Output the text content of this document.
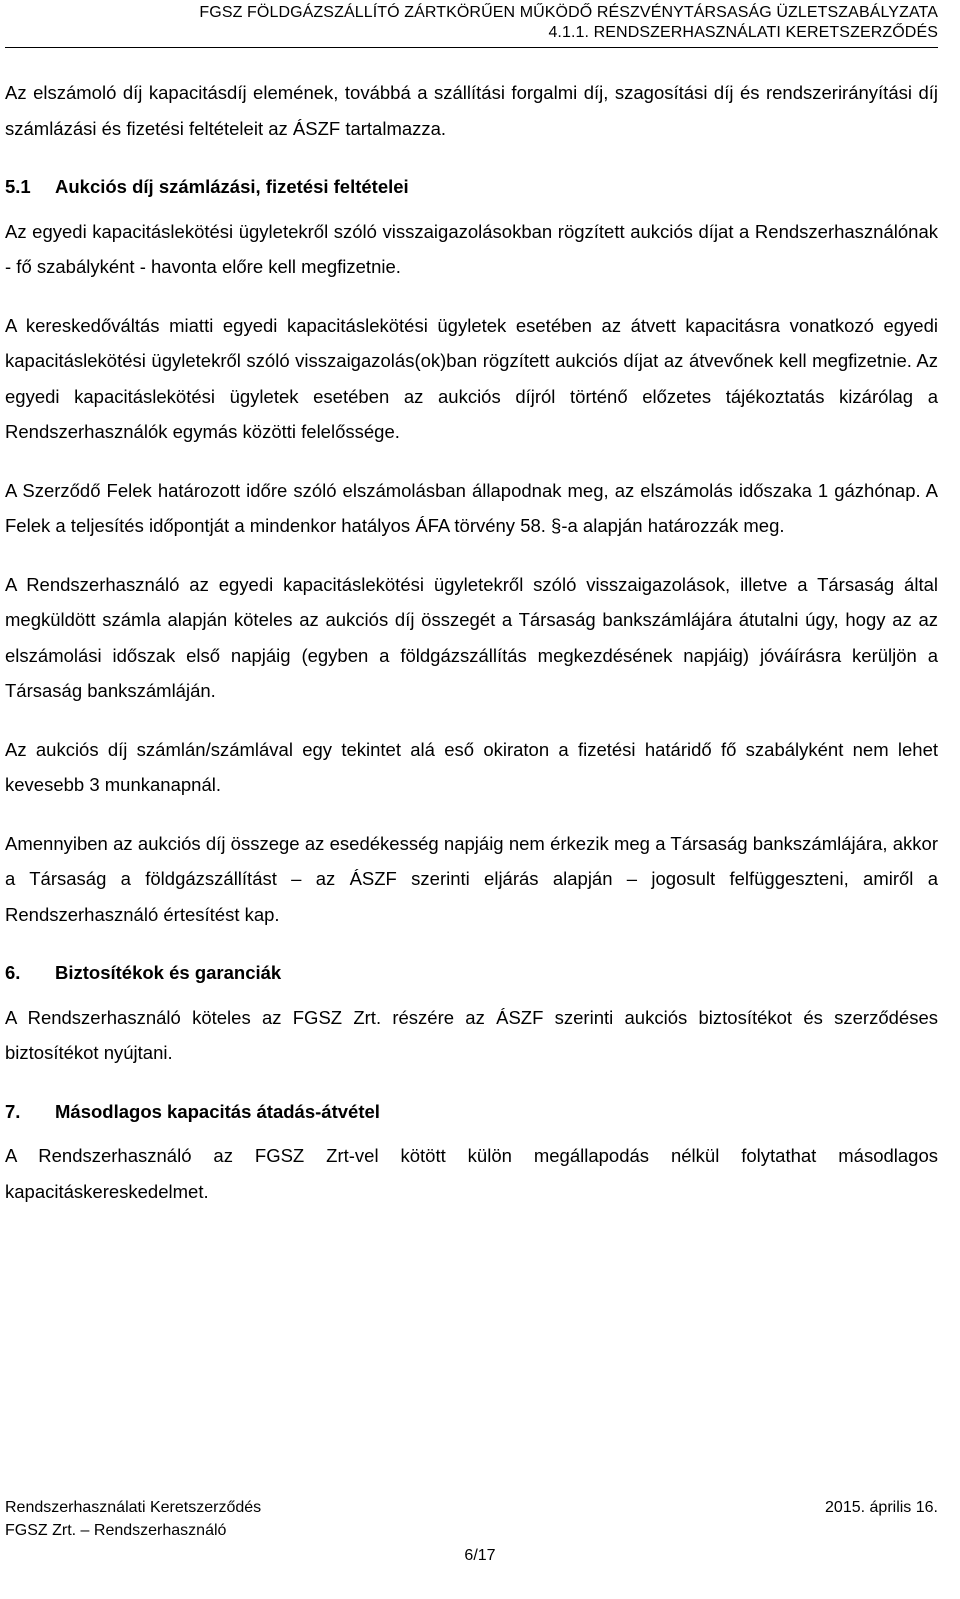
FGSZ FÖLDGÁZSZÁLLÍTÓ ZÁRTKÖRŰEN MŰKÖDŐ RÉSZVÉNYTÁRSASÁG ÜZLETSZABÁLYZATA
4.1.1. RENDSZERHASZNÁLATI KERETSZERZŐDÉS

Az elszámoló díj kapacitásdíj elemének, továbbá a szállítási forgalmi díj, szagosítási díj és rendszerirányítási díj számlázási és fizetési feltételeit az ÁSZF tartalmazza.

5.1 Aukciós díj számlázási, fizetési feltételei

Az egyedi kapacitáslekötési ügyletekről szóló visszaigazolásokban rögzített aukciós díjat a Rendszerhasználónak - fő szabályként - havonta előre kell megfizetnie.

A kereskedőváltás miatti egyedi kapacitáslekötési ügyletek esetében az átvett kapacitásra vonatkozó egyedi kapacitáslekötési ügyletekről szóló visszaigazolás(ok)ban rögzített aukciós díjat az átvevőnek kell megfizetnie. Az egyedi kapacitáslekötési ügyletek esetében az aukciós díjról történő előzetes tájékoztatás kizárólag a Rendszerhasználók egymás közötti felelőssége.

A Szerződő Felek határozott időre szóló elszámolásban állapodnak meg, az elszámolás időszaka 1 gázhónap. A Felek a teljesítés időpontját a mindenkor hatályos ÁFA törvény 58. §-a alapján határozzák meg.

A Rendszerhasználó az egyedi kapacitáslekötési ügyletekről szóló visszaigazolások, illetve a Társaság által megküldött számla alapján köteles az aukciós díj összegét a Társaság bankszámlájára átutalni úgy, hogy az az elszámolási időszak első napjáig (egyben a földgázszállítás megkezdésének napjáig) jóváírásra kerüljön a Társaság bankszámláján.

Az aukciós díj számlán/számlával egy tekintet alá eső okiraton a fizetési határidő fő szabályként nem lehet kevesebb 3 munkanapnál.

Amennyiben az aukciós díj összege az esedékesség napjáig nem érkezik meg a Társaság bankszámlájára, akkor a Társaság a földgázszállítást – az ÁSZF szerinti eljárás alapján – jogosult felfüggeszteni, amiről a Rendszerhasználó értesítést kap.

6. Biztosítékok és garanciák

A Rendszerhasználó köteles az FGSZ Zrt. részére az ÁSZF szerinti aukciós biztosítékot és szerződéses biztosítékot nyújtani.

7. Másodlagos kapacitás átadás-átvétel

A Rendszerhasználó az FGSZ Zrt-vel kötött külön megállapodás nélkül folytathat másodlagos kapacitáskereskedelmet.

Rendszerhasználati Keretszerződés	2015. április 16.
FGSZ Zrt. – Rendszerhasználó
6/17
